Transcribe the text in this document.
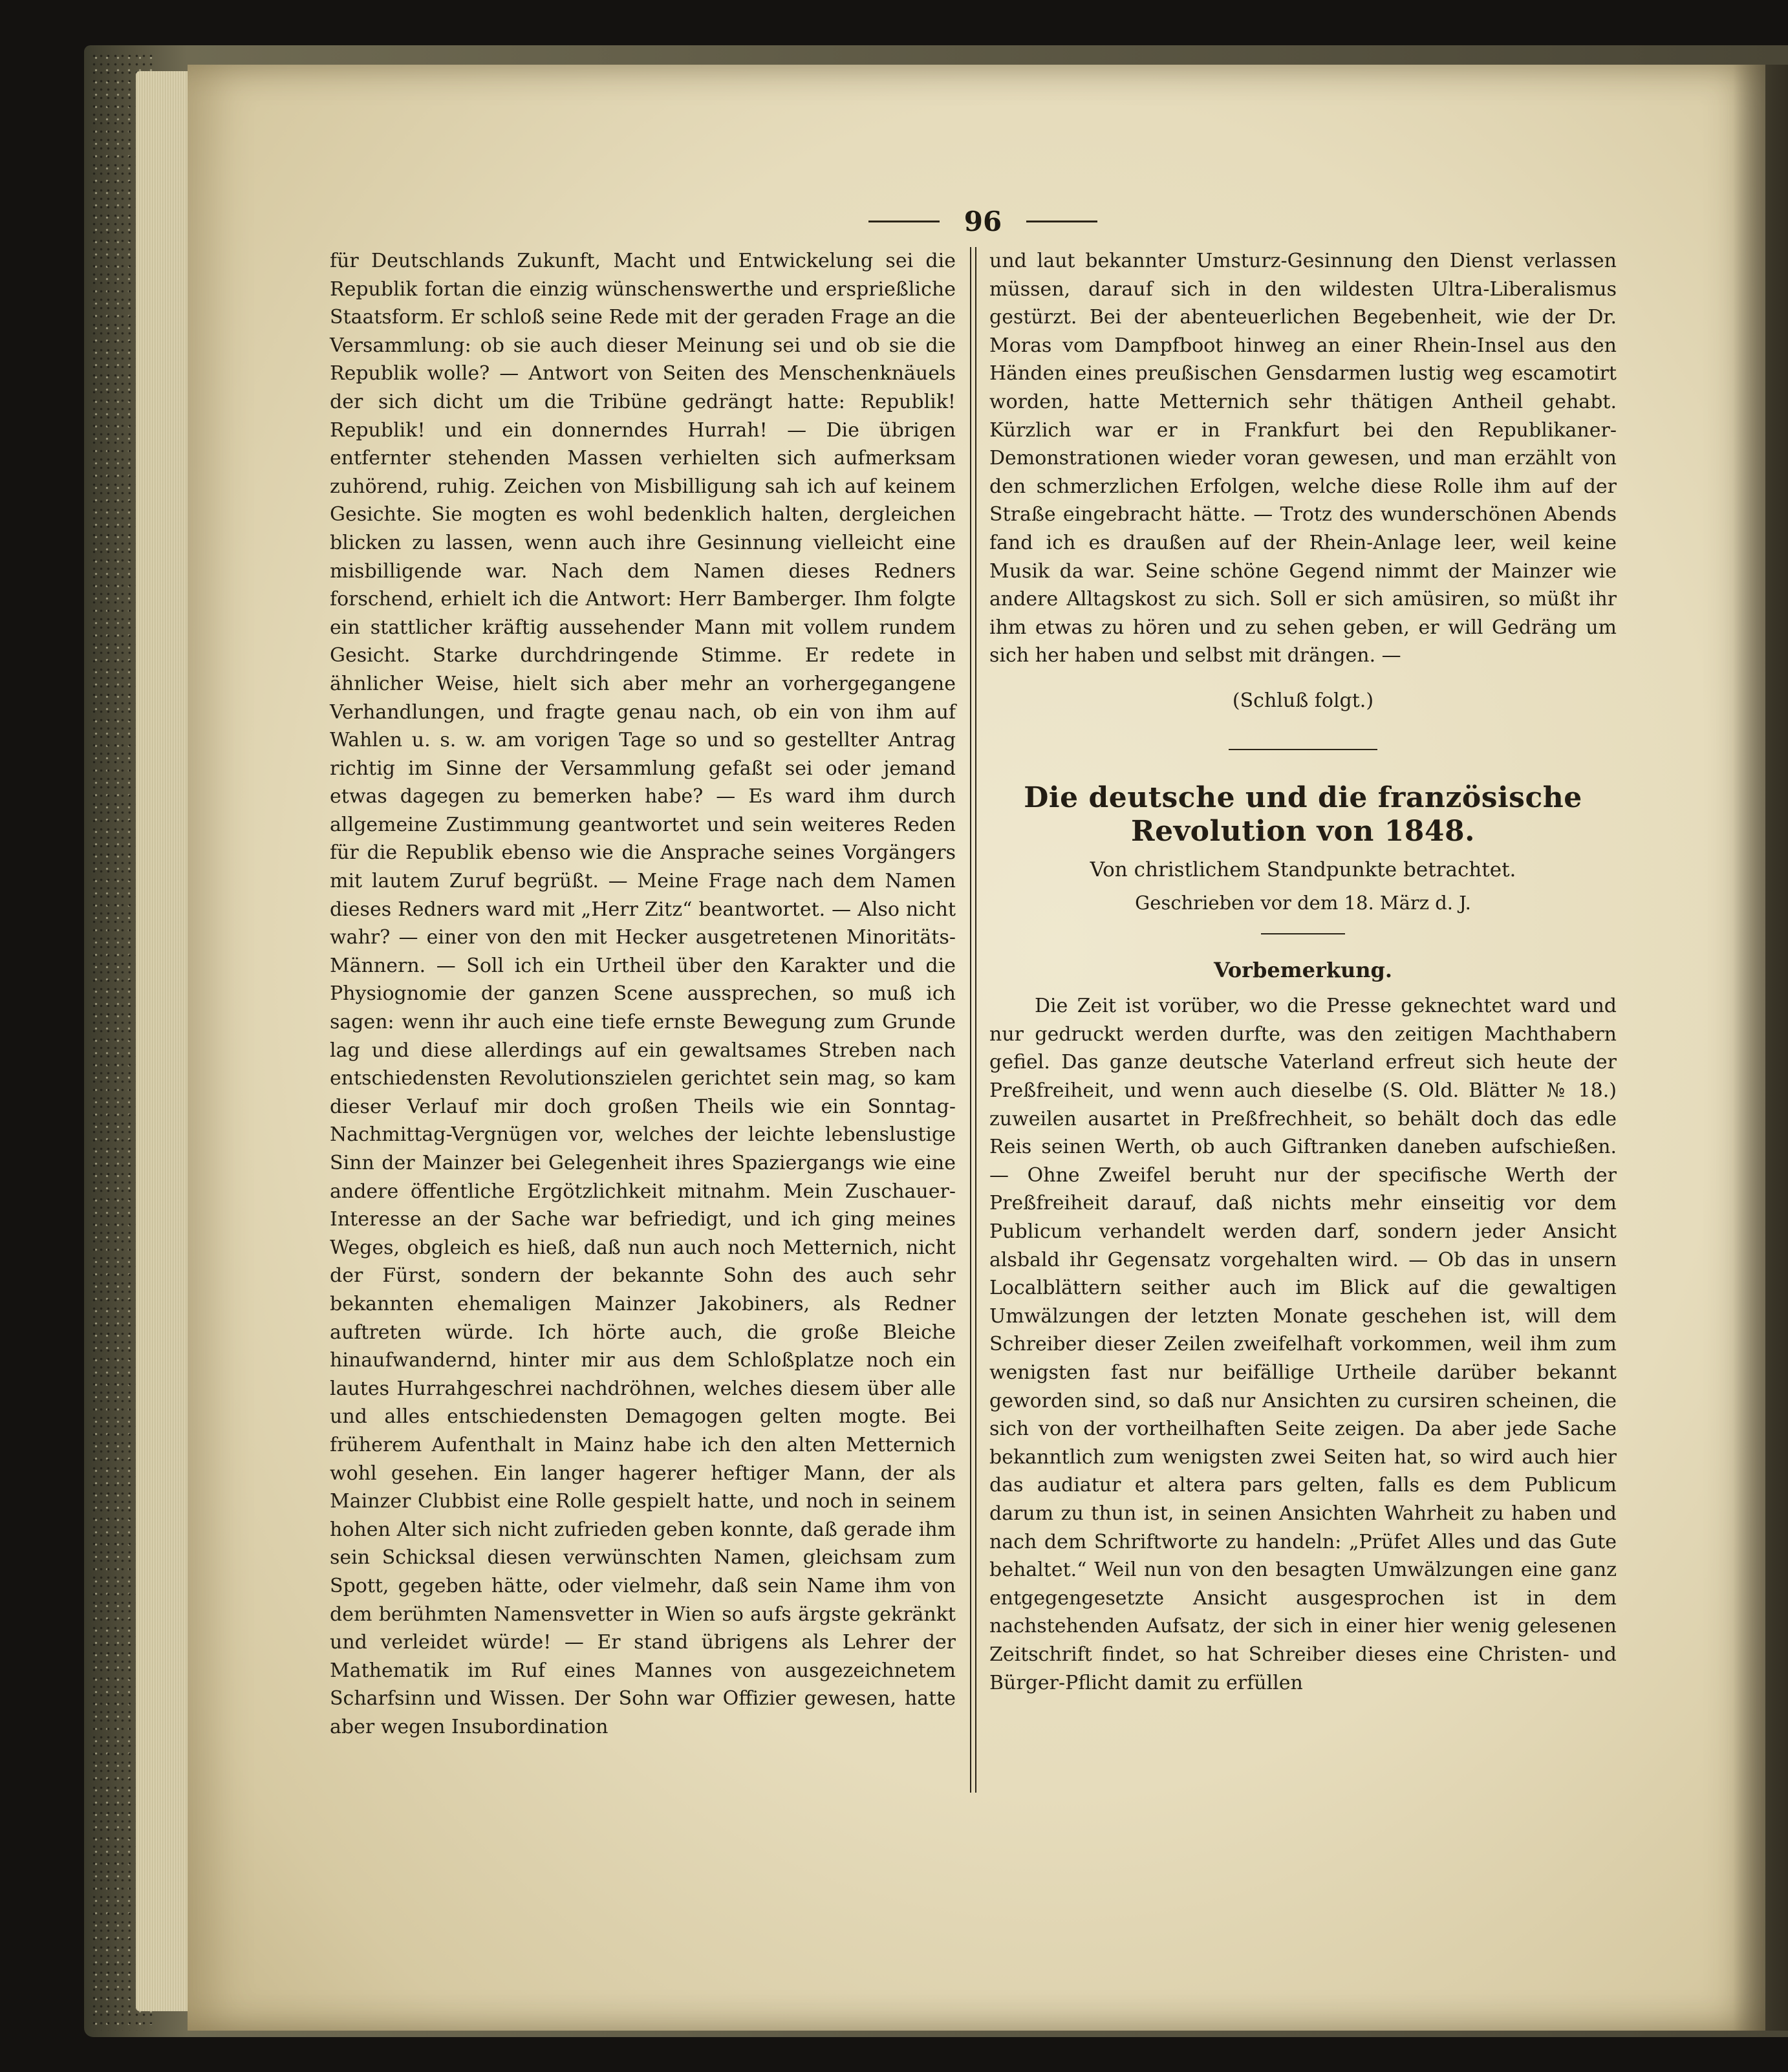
96

für Deutschlands Zukunft, Macht und Entwickelung sei die Republik fortan die einzig wünschenswerthe und ersprießliche Staatsform. Er schloß seine Rede mit der geraden Frage an die Versammlung: ob sie auch dieser Meinung sei und ob sie die Republik wolle? — Antwort von Seiten des Menschenknäuels der sich dicht um die Tribüne gedrängt hatte: Republik! Republik! und ein donnerndes Hurrah! — Die übrigen entfernter stehenden Massen verhielten sich aufmerksam zuhörend, ruhig. Zeichen von Misbilligung sah ich auf keinem Gesichte. Sie mogten es wohl bedenklich halten, dergleichen blicken zu lassen, wenn auch ihre Gesinnung vielleicht eine misbilligende war. Nach dem Namen dieses Redners forschend, erhielt ich die Antwort: Herr Bamberger. Ihm folgte ein stattlicher kräftig aussehender Mann mit vollem rundem Gesicht. Starke durchdringende Stimme. Er redete in ähnlicher Weise, hielt sich aber mehr an vorhergegangene Verhandlungen, und fragte genau nach, ob ein von ihm auf Wahlen u. s. w. am vorigen Tage so und so gestellter Antrag richtig im Sinne der Versammlung gefaßt sei oder jemand etwas dagegen zu bemerken habe? — Es ward ihm durch allgemeine Zustimmung geantwortet und sein weiteres Reden für die Republik ebenso wie die Ansprache seines Vorgängers mit lautem Zuruf begrüßt. — Meine Frage nach dem Namen dieses Redners ward mit „Herr Zitz“ beantwortet. — Also nicht wahr? — einer von den mit Hecker ausgetretenen Minoritäts-Männern. — Soll ich ein Urtheil über den Karakter und die Physiognomie der ganzen Scene aussprechen, so muß ich sagen: wenn ihr auch eine tiefe ernste Bewegung zum Grunde lag und diese allerdings auf ein gewaltsames Streben nach entschiedensten Revolutionszielen gerichtet sein mag, so kam dieser Verlauf mir doch großen Theils wie ein Sonntag-Nachmittag-Vergnügen vor, welches der leichte lebenslustige Sinn der Mainzer bei Gelegenheit ihres Spaziergangs wie eine andere öffentliche Ergötzlichkeit mitnahm. Mein Zuschauer-Interesse an der Sache war befriedigt, und ich ging meines Weges, obgleich es hieß, daß nun auch noch Metternich, nicht der Fürst, sondern der bekannte Sohn des auch sehr bekannten ehemaligen Mainzer Jakobiners, als Redner auftreten würde. Ich hörte auch, die große Bleiche hinaufwandernd, hinter mir aus dem Schloßplatze noch ein lautes Hurrahgeschrei nachdröhnen, welches diesem über alle und alles entschiedensten Demagogen gelten mogte. Bei früherem Aufenthalt in Mainz habe ich den alten Metternich wohl gesehen. Ein langer hagerer heftiger Mann, der als Mainzer Clubbist eine Rolle gespielt hatte, und noch in seinem hohen Alter sich nicht zufrieden geben konnte, daß gerade ihm sein Schicksal diesen verwünschten Namen, gleichsam zum Spott, gegeben hätte, oder vielmehr, daß sein Name ihm von dem berühmten Namensvetter in Wien so aufs ärgste gekränkt und verleidet würde! — Er stand übrigens als Lehrer der Mathematik im Ruf eines Mannes von ausgezeichnetem Scharfsinn und Wissen. Der Sohn war Offizier gewesen, hatte aber wegen Insubordination

und laut bekannter Umsturz-Gesinnung den Dienst verlassen müssen, darauf sich in den wildesten Ultra-Liberalismus gestürzt. Bei der abenteuerlichen Begebenheit, wie der Dr. Moras vom Dampfboot hinweg an einer Rhein-Insel aus den Händen eines preußischen Gensdarmen lustig weg escamotirt worden, hatte Metternich sehr thätigen Antheil gehabt. Kürzlich war er in Frankfurt bei den Republikaner-Demonstrationen wieder voran gewesen, und man erzählt von den schmerzlichen Erfolgen, welche diese Rolle ihm auf der Straße eingebracht hätte. — Trotz des wunderschönen Abends fand ich es draußen auf der Rhein-Anlage leer, weil keine Musik da war. Seine schöne Gegend nimmt der Mainzer wie andere Alltagskost zu sich. Soll er sich amüsiren, so müßt ihr ihm etwas zu hören und zu sehen geben, er will Gedräng um sich her haben und selbst mit drängen. —

(Schluß folgt.)

Die deutsche und die französische Revolution von 1848.

Von christlichem Standpunkte betrachtet.

Geschrieben vor dem 18. März d. J.

Vorbemerkung.

Die Zeit ist vorüber, wo die Presse geknechtet ward und nur gedruckt werden durfte, was den zeitigen Machthabern gefiel. Das ganze deutsche Vaterland erfreut sich heute der Preßfreiheit, und wenn auch dieselbe (S. Old. Blätter № 18.) zuweilen ausartet in Preßfrechheit, so behält doch das edle Reis seinen Werth, ob auch Giftranken daneben aufschießen. — Ohne Zweifel beruht nur der specifische Werth der Preßfreiheit darauf, daß nichts mehr einseitig vor dem Publicum verhandelt werden darf, sondern jeder Ansicht alsbald ihr Gegensatz vorgehalten wird. — Ob das in unsern Localblättern seither auch im Blick auf die gewaltigen Umwälzungen der letzten Monate geschehen ist, will dem Schreiber dieser Zeilen zweifelhaft vorkommen, weil ihm zum wenigsten fast nur beifällige Urtheile darüber bekannt geworden sind, so daß nur Ansichten zu cursiren scheinen, die sich von der vortheilhaften Seite zeigen. Da aber jede Sache bekanntlich zum wenigsten zwei Seiten hat, so wird auch hier das audiatur et altera pars gelten, falls es dem Publicum darum zu thun ist, in seinen Ansichten Wahrheit zu haben und nach dem Schriftworte zu handeln: „Prüfet Alles und das Gute behaltet.“ Weil nun von den besagten Umwälzungen eine ganz entgegengesetzte Ansicht ausgesprochen ist in dem nachstehenden Aufsatz, der sich in einer hier wenig gelesenen Zeitschrift findet, so hat Schreiber dieses eine Christen- und Bürger-Pflicht damit zu erfüllen
